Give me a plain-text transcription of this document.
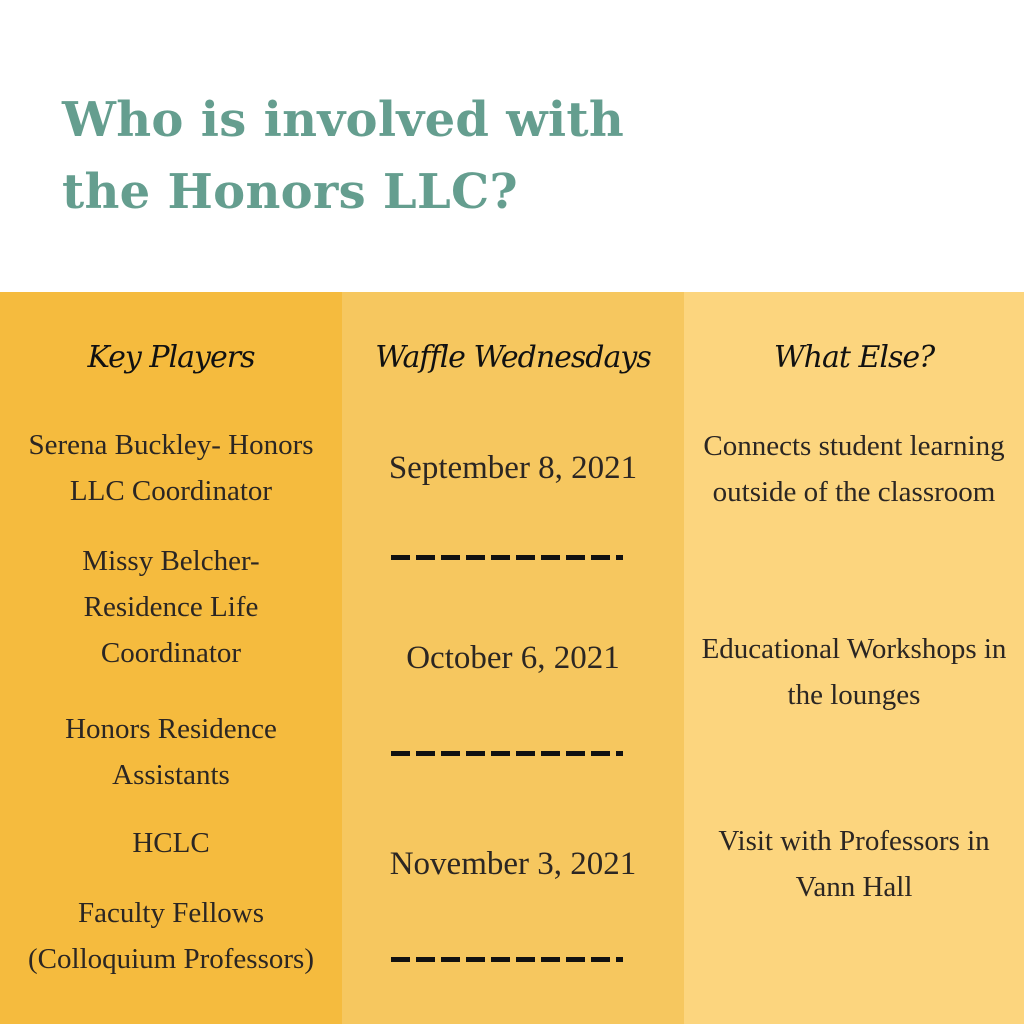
Who is involved with
the Honors LLC?
Key Players
Serena Buckley- Honors LLC Coordinator
Missy Belcher- Residence Life Coordinator
Honors Residence Assistants
HCLC
Faculty Fellows (Colloquium Professors)
Waffle Wednesdays
September 8, 2021
October 6, 2021
November 3, 2021
What Else?
Connects student learning outside of the classroom
Educational Workshops in the lounges
Visit with Professors in Vann Hall
